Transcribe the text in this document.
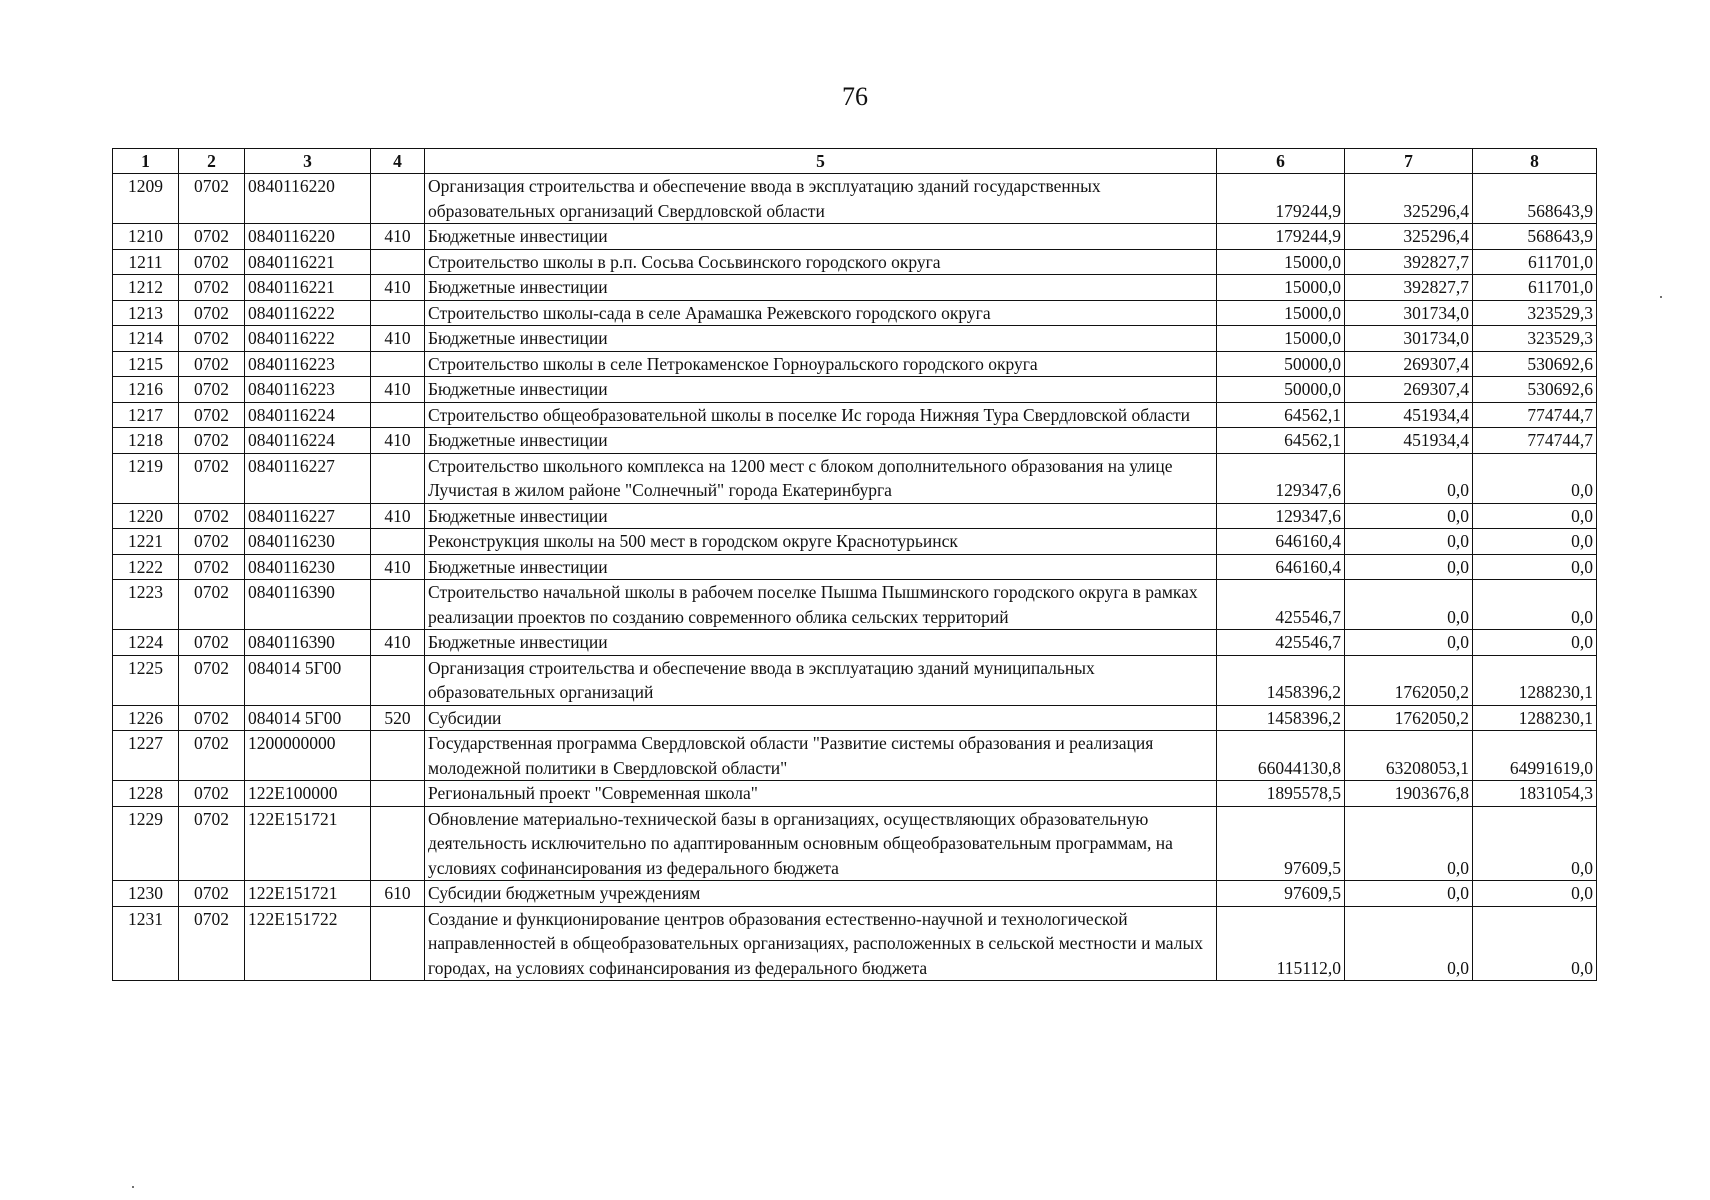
76
1	2	3	4	5	6	7	8
1209	0702	0840116220		Организация строительства и обеспечение ввода в эксплуатацию зданий государственных образовательных организаций Свердловской области	179244,9	325296,4	568643,9
1210	0702	0840116220	410	Бюджетные инвестиции	179244,9	325296,4	568643,9
1211	0702	0840116221		Строительство школы в р.п. Сосьва Сосьвинского городского округа	15000,0	392827,7	611701,0
1212	0702	0840116221	410	Бюджетные инвестиции	15000,0	392827,7	611701,0
1213	0702	0840116222		Строительство школы-сада в селе Арамашка Режевского городского округа	15000,0	301734,0	323529,3
1214	0702	0840116222	410	Бюджетные инвестиции	15000,0	301734,0	323529,3
1215	0702	0840116223		Строительство школы в селе Петрокаменское Горноуральского городского округа	50000,0	269307,4	530692,6
1216	0702	0840116223	410	Бюджетные инвестиции	50000,0	269307,4	530692,6
1217	0702	0840116224		Строительство общеобразовательной школы в поселке Ис города Нижняя Тура Свердловской области	64562,1	451934,4	774744,7
1218	0702	0840116224	410	Бюджетные инвестиции	64562,1	451934,4	774744,7
1219	0702	0840116227		Строительство школьного комплекса на 1200 мест с блоком дополнительного образования на улице Лучистая в жилом районе "Солнечный" города Екатеринбурга	129347,6	0,0	0,0
1220	0702	0840116227	410	Бюджетные инвестиции	129347,6	0,0	0,0
1221	0702	0840116230		Реконструкция школы на 500 мест в городском округе Краснотурьинск	646160,4	0,0	0,0
1222	0702	0840116230	410	Бюджетные инвестиции	646160,4	0,0	0,0
1223	0702	0840116390		Строительство начальной школы в рабочем поселке Пышма Пышминского городского округа в рамках реализации проектов по созданию современного облика сельских территорий	425546,7	0,0	0,0
1224	0702	0840116390	410	Бюджетные инвестиции	425546,7	0,0	0,0
1225	0702	084014 5Г00		Организация строительства и обеспечение ввода в эксплуатацию зданий муниципальных образовательных организаций	1458396,2	1762050,2	1288230,1
1226	0702	084014 5Г00	520	Субсидии	1458396,2	1762050,2	1288230,1
1227	0702	1200000000		Государственная программа Свердловской области "Развитие системы образования и реализация молодежной политики в Свердловской области"	66044130,8	63208053,1	64991619,0
1228	0702	122E100000		Региональный проект "Современная школа"	1895578,5	1903676,8	1831054,3
1229	0702	122E151721		Обновление материально-технической базы в организациях, осуществляющих образовательную деятельность исключительно по адаптированным основным общеобразовательным программам, на условиях софинансирования из федерального бюджета	97609,5	0,0	0,0
1230	0702	122E151721	610	Субсидии бюджетным учреждениям	97609,5	0,0	0,0
1231	0702	122E151722		Создание и функционирование центров образования естественно-научной и технологической направленностей в общеобразовательных организациях, расположенных в сельской местности и малых городах, на условиях софинансирования из федерального бюджета	115112,0	0,0	0,0
